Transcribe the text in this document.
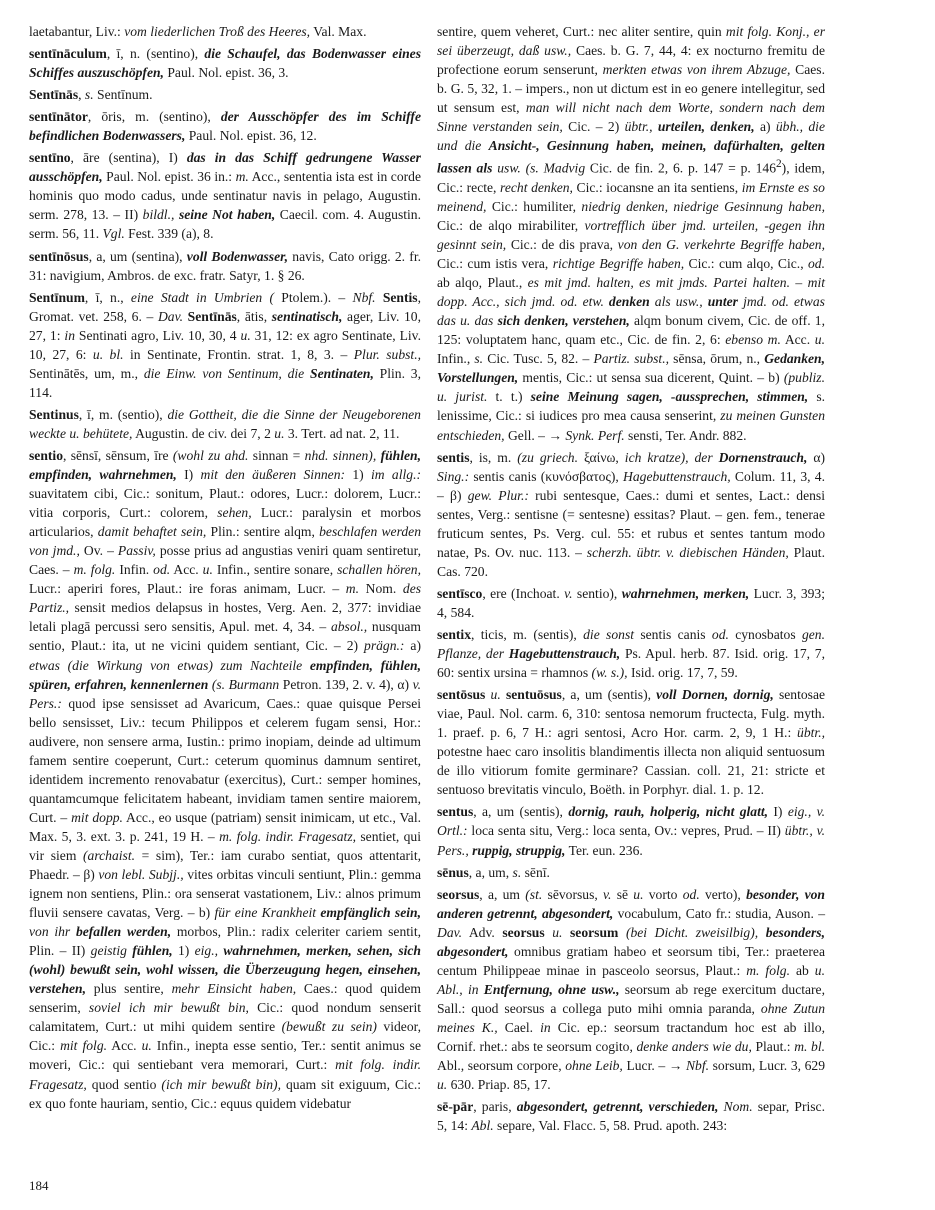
laetabantur, Liv.: vom liederlichen Troß des Heeres, Val. Max.

sentīnāculum, ī, n. (sentino), die Schaufel, das Bodenwasser eines Schiffes auszuschöpfen, Paul. Nol. epist. 36, 3.

Sentīnās, s. Sentīnum.

sentīnātor, ōris, m. (sentino), der Ausschöpfer des im Schiffe befindlichen Bodenwassers, Paul. Nol. epist. 36, 12.

sentīno, āre (sentina), I) das in das Schiff gedrungene Wasser ausschöpfen, Paul. Nol. epist. 36 in.: m. Acc., sententia ista est in corde hominis quo modo cadus, unde sentinatur navis in pelago, Augustin. serm. 278, 13. – II) bildl., seine Not haben, Caecil. com. 4. Augustin. serm. 56, 11. Vgl. Fest. 339 (a), 8.

sentīnōsus, a, um (sentina), voll Bodenwasser, navis, Cato origg. 2. fr. 31: navigium, Ambros. de exc. fratr. Satyr, 1. § 26.

Sentīnum, ī, n., eine Stadt in Umbrien ( Ptolem.). – Nbf. Sentis, Gromat. vet. 258, 6. – Dav. Sentīnās, ātis, sentinatisch, ager, Liv. 10, 27, 1: in Sentinati agro, Liv. 10, 30, 4 u. 31, 12: ex agro Sentinate, Liv. 10, 27, 6: u. bl. in Sentinate, Frontin. strat. 1, 8, 3. – Plur. subst., Sentinātēs, um, m., die Einw. von Sentinum, die Sentinaten, Plin. 3, 114.

Sentinus, ī, m. (sentio), die Gottheit, die die Sinne der Neugeborenen weckte u. behütete, Augustin. de civ. dei 7, 2 u. 3. Tert. ad nat. 2, 11.

sentio, sēnsī, sēnsum, īre (wohl zu ahd. sinnan = nhd. sinnen), fühlen, empfinden, wahrnehmen, I) mit den äußeren Sinnen: 1) im allg.: suavitatem cibi, Cic.: sonitum, Plaut.: odores, Lucr.: dolorem, Lucr.: vitia corporis, Curt.: colorem, sehen, Lucr.: paralysin et morbos articularios, damit behaftet sein, Plin.: sentire alqm, beschlafen werden von jmd., Ov. – Passiv, posse prius ad angustias veniri quam sentiretur, Caes. – m. folg. Infin. od. Acc. u. Infin., sentire sonare, schallen hören, Lucr.: aperiri fores, Plaut.: ire foras animam, Lucr. – m. Nom. des Partiz., sensit medios delapsus in hostes, Verg. Aen. 2, 377: invidiae letali plagā percussi sero sensitis, Apul. met. 4, 34. – absol., nusquam sentio, Plaut.: ita, ut ne vicini quidem sentiant, Cic. – 2) prägn.: a) etwas (die Wirkung von etwas) zum Nachteile empfinden, fühlen, spüren, erfahren, kennenlernen (s. Burmann Petron. 139, 2. v. 4), α) v. Pers.: quod ipse sensisset ad Avaricum, Caes.: quae quisque Persei bello sensisset, Liv.: tecum Philippos et celerem fugam sensi, Hor.: audivere, non sensere arma, Iustin.: primo inopiam, deinde ad ultimum famem sentire coeperunt, Curt.: ceterum quominus damnum sentiret, identidem incremento renovabatur (exercitus), Curt.: semper homines, quantamcumque felicitatem habeant, invidiam tamen sentire maiorem, Curt. – mit dopp. Acc., eo usque (patriam) sensit inimicam, ut etc., Val. Max. 5, 3. ext. 3. p. 241, 19 H. – m. folg. indir. Fragesatz, sentiet, qui vir siem (archaist. = sim), Ter.: iam curabo sentiat, quos attentarit, Phaedr. – β) von lebl. Subjj., vites orbitas vinculi sentiunt, Plin.: gemma ignem non sentiens, Plin.: ora senserat vastationem, Liv.: alnos primum fluvii sensere cavatas, Verg. – b) für eine Krankheit empfänglich sein, von ihr befallen werden, morbos, Plin.: radix celeriter cariem sentit, Plin. – II) geistig fühlen, 1) eig., wahrnehmen, merken, sehen, sich (wohl) bewußt sein, wohl wissen, die Überzeugung hegen, einsehen, verstehen, plus sentire, mehr Einsicht haben, Caes.: quod quidem senserim, soviel ich mir bewußt bin, Cic.: quod nondum senserit calamitatem, Curt.: ut mihi quidem sentire (bewußt zu sein) videor, Cic.: mit folg. Acc. u. Infin., inepta esse sentio, Ter.: sentit animus se moveri, Cic.: qui sentiebant vera memorari, Curt.: mit folg. indir. Fragesatz, quod sentio (ich mir bewußt bin), quam sit exiguum, Cic.: ex quo fonte hauriam, sentio, Cic.: equus quidem videbatur

sentire, quem veheret, Curt.: nec aliter sentire, quin mit folg. Konj., er sei überzeugt, daß usw., Caes. b. G. 7, 44, 4: ex nocturno fremitu de profectione eorum senserunt, merkten etwas von ihrem Abzuge, Caes. b. G. 5, 32, 1. – impers., non ut dictum est in eo genere intellegitur, sed ut sensum est, man will nicht nach dem Worte, sondern nach dem Sinne verstanden sein, Cic. – 2) übtr., urteilen, denken, a) übh., die und die Ansicht-, Gesinnung haben, meinen, dafürhalten, gelten lassen als usw. (s. Madvig Cic. de fin. 2, 6. p. 147 = p. $146^2$), idem, Cic.: recte, recht denken, Cic.: iocansne an ita sentiens, im Ernste es so meinend, Cic.: humiliter, niedrig denken, niedrige Gesinnung haben, Cic.: de alqo mirabiliter, vortrefflich über jmd. urteilen, -gegen ihn gesinnt sein, Cic.: de dis prava, von den G. verkehrte Begriffe haben, Cic.: cum istis vera, richtige Begriffe haben, Cic.: cum alqo, Cic., od. ab alqo, Plaut., es mit jmd. halten, es mit jmds. Partei halten. – mit dopp. Acc., sich jmd. od. etw. denken als usw., unter jmd. od. etwas das u. das sich denken, verstehen, alqm bonum civem, Cic. de off. 1, 125: voluptatem hanc, quam etc., Cic. de fin. 2, 6: ebenso m. Acc. u. Infin., s. Cic. Tusc. 5, 82. – Partiz. subst., sēnsa, ōrum, n., Gedanken, Vorstellungen, mentis, Cic.: ut sensa sua dicerent, Quint. – b) (publiz. u. jurist. t. t.) seine Meinung sagen, -aussprechen, stimmen, s. lenissime, Cic.: si iudices pro mea causa senserint, zu meinen Gunsten entschieden, Gell. – → Synk. Perf. sensti, Ter. Andr. 882.

sentis, is, m. (zu griech. ξαίνω, ich kratze), der Dornenstrauch, α) Sing.: sentis canis (κυνόσβατος), Hagebuttenstrauch, Colum. 11, 3, 4. – β) gew. Plur.: rubi sentesque, Caes.: dumi et sentes, Lact.: densi sentes, Verg.: sentisne (= sentesne) essitas? Plaut. – gen. fem., tenerae fruticum sentes, Ps. Verg. cul. 55: et rubus et sentes tantum modo natae, Ps. Ov. nuc. 113. – scherzh. übtr. v. diebischen Händen, Plaut. Cas. 720.

sentīsco, ere (Inchoat. v. sentio), wahrnehmen, merken, Lucr. 3, 393; 4, 584.

sentix, ticis, m. (sentis), die sonst sentis canis od. cynosbatos gen. Pflanze, der Hagebuttenstrauch, Ps. Apul. herb. 87. Isid. orig. 17, 7, 60: sentix ursina = rhamnos (w. s.), Isid. orig. 17, 7, 59.

sentōsus u. sentuōsus, a, um (sentis), voll Dornen, dornig, sentosae viae, Paul. Nol. carm. 6, 310: sentosa nemorum fructecta, Fulg. myth. 1. praef. p. 6, 7 H.: agri sentosi, Acro Hor. carm. 2, 9, 1 H.: übtr., potestne haec caro insolitis blandimentis illecta non aliquid sentuosum de illo vitiorum fomite germinare? Cassian. coll. 21, 21: stricte et sentuoso brevitatis vinculo, Boëth. in Porphyr. dial. 1. p. 12.

sentus, a, um (sentis), dornig, rauh, holperig, nicht glatt, I) eig., v. Ortl.: loca senta situ, Verg.: loca senta, Ov.: vepres, Prud. – II) übtr., v. Pers., ruppig, struppig, Ter. eun. 236.

sēnus, a, um, s. sēnī.

seorsus, a, um (st. sēvorsus, v. sē u. vorto od. verto), besonder, von anderen getrennt, abgesondert, vocabulum, Cato fr.: studia, Auson. – Dav. Adv. seorsus u. seorsum (bei Dicht. zweisilbig), besonders, abgesondert, omnibus gratiam habeo et seorsum tibi, Ter.: praeterea centum Philippeae minae in pasceolo seorsus, Plaut.: m. folg. ab u. Abl., in Entfernung, ohne usw., seorsum ab rege exercitum ductare, Sall.: quod seorsus a collega puto mihi omnia paranda, ohne Zutun meines K., Cael. in Cic. ep.: seorsum tractandum hoc est ab illo, Cornif. rhet.: abs te seorsum cogito, denke anders wie du, Plaut.: m. bl. Abl., seorsum corpore, ohne Leib, Lucr. – → Nbf. sorsum, Lucr. 3, 629 u. 630. Priap. 85, 17.

sē-pār, paris, abgesondert, getrennt, verschieden, Nom. separ, Prisc. 5, 14: Abl. separe, Val. Flacc. 5, 58. Prud. apoth. 243:

184
